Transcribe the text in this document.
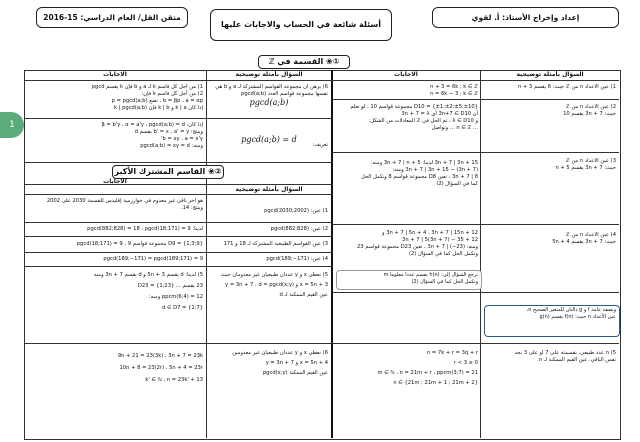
متقن القل/ العام الدراسي: 15-2016
أسئلة شائعة في الحساب والاجابات عليها
إعداد وإخراج الأستاذ: أ. لقوي
1
①❀ القسمة في ℤ
السؤال بأمثلة توضيحية
الاجابات
السؤال بأمثلة توضيحية
الاجابات
1) عين الأعداد n من ℤ حيث: 6 يقسم n + 3
n + 3 = 6k ; k ∈ ℤ
n = 6k − 3 ; k ∈ ℤ
2) عين الأعداد n من ℤ
حيث: 3n + 7 يقسم 10
D10 = {±1;±2;±5;±10} مجموعة قواسم 10 ، لو نعلم
أن 3n+7 ∈ D10 أي 3n + 7 = λ
و λ ∈ D10 ، تم الحل في ℤ المعادلات من الشكل:
... n ∈ ℤ ... وتواصل
3) عين الأعداد n من ℤ
حيث: 3n + 7 يقسم n + 5
3n + 7 | 3n + 15 لدينا: 3n + 7 | n + 5 ومنه:
3n + 7 | 3n + 15 − (3n + 7) ومنه:
3n + 7 | 8 ، نعين D8 مجموعة قواسم 8 ونكمل الحل
كما في السؤال (2)
4) عين الأعداد n من ℤ
حيث: 3n + 7 يقسم 5n + 4
3n + 7 | 5n + 4 ، 3n + 7 | 15n + 12 و
3n + 7 | 5(3n + 7) − 35 + 12
ومنه: 3n + 7 | (−23) ، نعين D23 مجموعة قواسم 23
ونكمل الحل كما في السؤال (2)
وبصفة عامة f و g دالتان للمتغير الصحيح n،
عين الأعداد n حيث: f(n) يقسم g(n)
نرجع السؤال إلى: (n)h يقسم عددا معلوما m
ونكمل الحل كما في السؤال (2)
5) n عدد طبيعي، بقسمته على 7 أو على 3 نجد
نفس الباقي. عين القيم الممكنة لـ n.
n = 7k + r = 3q + r
0 ≤ r < 3
m ∈ ℕ ، n = 21m + r ، ppcm(3;7) = 21
n ∈ {21m ; 21m + 1 ; 21m + 2}
6) برهن أن مجموعة القواسم المشتركة لـ a و b هي
نفسها مجموعة قواسم العدد pgcd(a;b)
pgcd(a;b)
1) من أجل كل قاسم k لـ a و b فإن k يقسم pgcd
2) من أجل كل قاسم k فإن:
b = βp ، a = αp ، نضع p = pgcd(a;b)
إذا كان k | a و k | b فإن k | pgcd(a;b)
تعريف:
pgcd(a;b) = d
إذا كان: β = b'y ، α = a'y ، pgcd(a;b) = d
وينتج: b' = x ، a' = y يقسم d
b = xy ، a = x'y'
ومنه: pgcd(a;b) = xy = d
②❀ القاسم المشترك الأكبر
السؤال بأمثلة توضيحية
الاجابات
1) عين: pgcd(2030;2002)
هو آخر باقي غير معدوم في خوارزمية إقليدس للقسمة 2030 على 2002
وينتج: 14.
2) عين: pgcd(882;828)
لدينا: pgcd(882;828) = 18 ، pgcd(18;171) = 9
3) عين القواسم الطبيعية المشتركة لـ 18 و 171
D9 = {1;3;9} مجموعة قواسم 9 ، pgcd(18;171) = 9
4) عين: pgcd(189;−171)
pgcd(189;−171) = pgcd(189;171) = 9
5) نعطي x و y عددان طبيعيان غير معدومان حيث
x = 5n + 3 و y = 3n + 7 ، d = pgcd(x;y)
عين القيم الممكنة لـ d
5) لدينا: d يقسم 5n + 3 و d يقسم 3n + 7 ومنه
23 يقسم ... D23 = {1;23}
ppcm(6;4) = 12 ومنه:
d ∈ D7 = {1;7}
6) نعطي x و y عددان طبيعيان غير معدومين
x = 5n + 4 و y = 3n + 7
عين القيم الممكنة pgcd(x;y)
9n + 21 = 23(3k) ، 3n + 7 = 23k
10n + 8 = 23(2r) ، 5n + 4 = 23r
k' ∈ ℕ ، n = 23k' + 13
